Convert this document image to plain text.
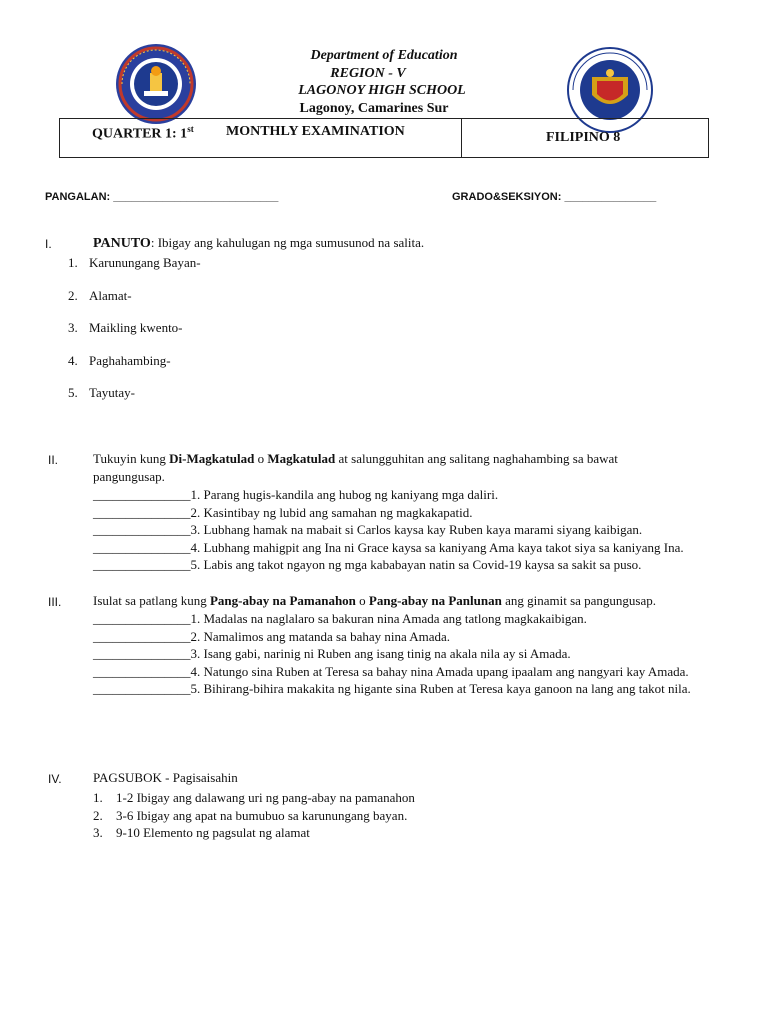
Department of Education
REGION - V
LAGONOY HIGH SCHOOL
Lagonoy, Camarines Sur
QUARTER 1: 1st MONTHLY EXAMINATION	FILIPINO 8
PANGALAN: ___________________________	GRADO&SEKSIYON: _______________
I.	PANUTO: Ibigay ang kahulugan ng mga sumusunod na salita.
1. Karunungang Bayan-
2. Alamat-
3. Maikling kwento-
4. Paghahambing-
5. Tayutay-
II.	Tukuyin kung Di-Magkatulad o Magkatulad at salungguhitan ang salitang naghahambing sa bawat
pangungusap.
_______________1. Parang hugis-kandila ang hubog ng kaniyang mga daliri.
_______________2. Kasintibay ng lubid ang samahan ng magkakapatid.
_______________3. Lubhang hamak na mabait si Carlos kaysa kay Ruben kaya marami siyang kaibigan.
_______________4. Lubhang mahigpit ang Ina ni Grace kaysa sa kaniyang Ama kaya takot siya sa kaniyang Ina.
_______________5. Labis ang takot ngayon ng mga kababayan natin sa Covid-19 kaysa sa sakit sa puso.
III. Isulat sa patlang kung Pang-abay na Pamanahon o Pang-abay na Panlunan ang ginamit sa pangungusap.
_______________1. Madalas na naglalaro sa bakuran nina Amada ang tatlong magkakaibigan.
_______________2. Namalimos ang matanda sa bahay nina Amada.
_______________3. Isang gabi, narinig ni Ruben ang isang tinig na akala nila ay si Amada.
_______________4. Natungo sina Ruben at Teresa sa bahay nina Amada upang ipaalam ang nangyari kay Amada.
_______________5. Bihirang-bihira makakita ng higante sina Ruben at Teresa kaya ganoon na lang ang takot nila.
IV. PAGSUBOK - Pagisaisahin
1. 1-2 Ibigay ang dalawang uri ng pang-abay na pamanahon
2. 3-6 Ibigay ang apat na bumubuo sa karunungang bayan.
3. 9-10 Elemento ng pagsulat ng alamat
